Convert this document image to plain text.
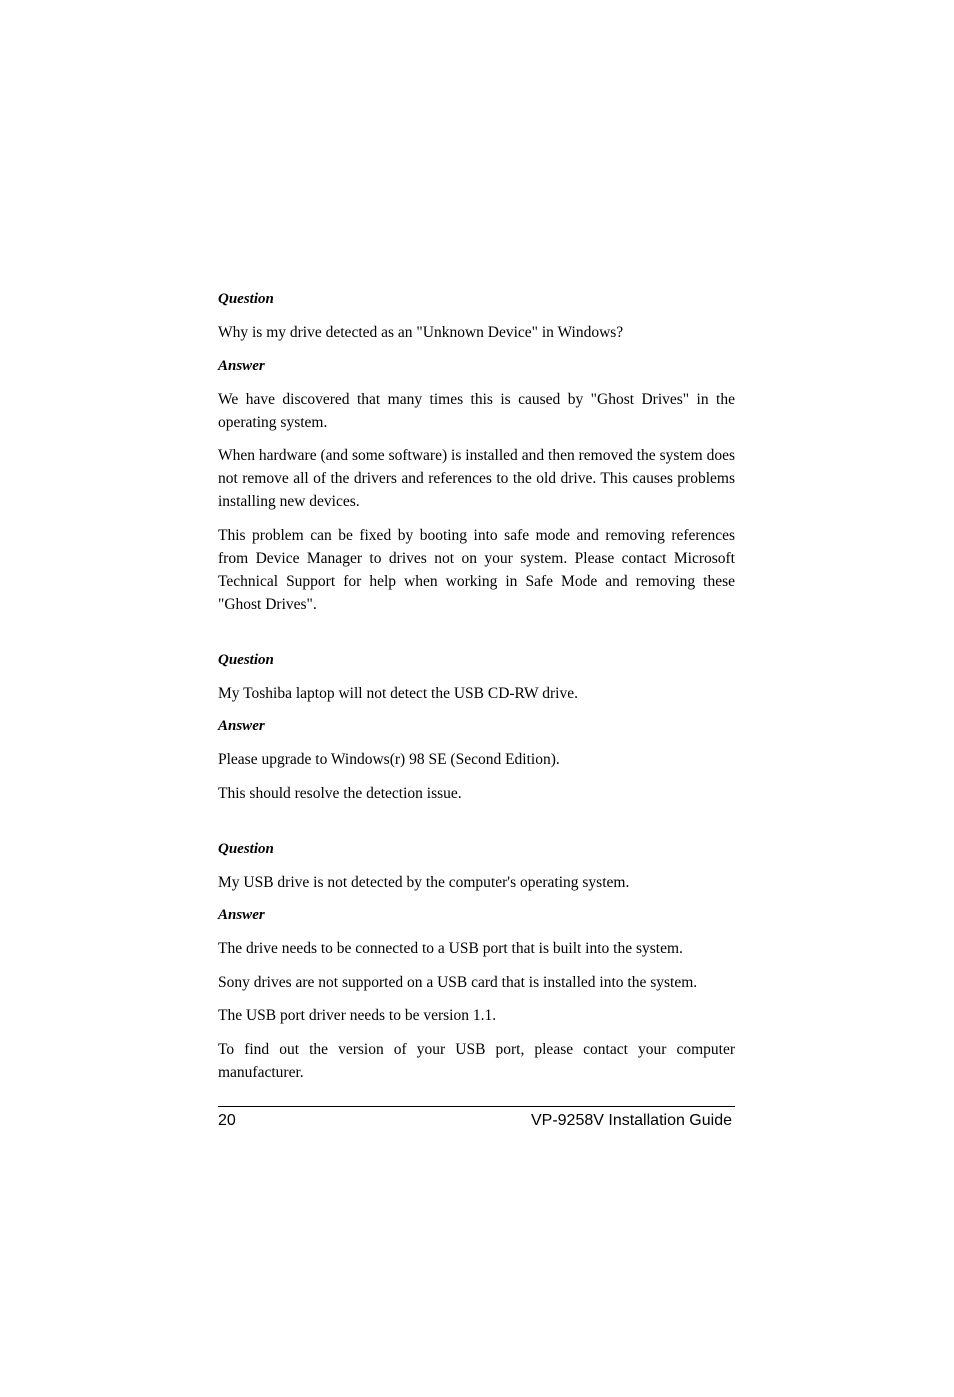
Question
Why is my drive detected as an "Unknown Device" in Windows?
Answer
We have discovered that many times this is caused by "Ghost Drives" in the operating system.
When hardware (and some software) is installed and then removed the system does not remove all of the drivers and references to the old drive. This causes problems installing new devices.
This problem can be fixed by booting into safe mode and removing references from Device Manager to drives not on your system. Please contact Microsoft Technical Support for help when working in Safe Mode and removing these "Ghost Drives".
Question
My Toshiba laptop will not detect the USB CD-RW drive.
Answer
Please upgrade to Windows(r) 98 SE (Second Edition).
This should resolve the detection issue.
Question
My USB drive is not detected by the computer's operating system.
Answer
The drive needs to be connected to a USB port that is built into the system.
Sony drives are not supported on a USB card that is installed into the system.
The USB port driver needs to be version 1.1.
To find out the version of your USB port, please contact your computer manufacturer.
20	VP-9258V Installation Guide
